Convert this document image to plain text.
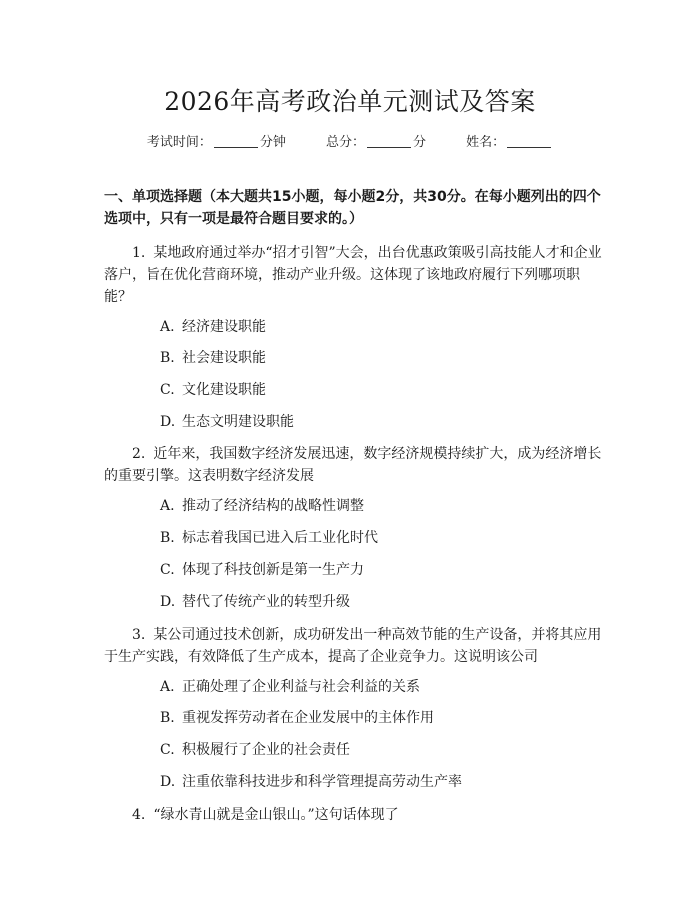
2026年高考政治单元测试及答案
考试时间：	分钟	总分：	分	姓名：
一、单项选择题（本大题共15小题，每小题2分，共30分。在每小题列出的四个选项中，只有一项是最符合题目要求的。）
1. 某地政府通过举办“招才引智”大会，出台优惠政策吸引高技能人才和企业落户，旨在优化营商环境，推动产业升级。这体现了该地政府履行下列哪项职能？
A. 经济建设职能
B. 社会建设职能
C. 文化建设职能
D. 生态文明建设职能
2. 近年来，我国数字经济发展迅速，数字经济规模持续扩大，成为经济增长的重要引擎。这表明数字经济发展
A. 推动了经济结构的战略性调整
B. 标志着我国已进入后工业化时代
C. 体现了科技创新是第一生产力
D. 替代了传统产业的转型升级
3. 某公司通过技术创新，成功研发出一种高效节能的生产设备，并将其应用于生产实践，有效降低了生产成本，提高了企业竞争力。这说明该公司
A. 正确处理了企业利益与社会利益的关系
B. 重视发挥劳动者在企业发展中的主体作用
C. 积极履行了企业的社会责任
D. 注重依靠科技进步和科学管理提高劳动生产率
4. “绿水青山就是金山银山。”这句话体现了
